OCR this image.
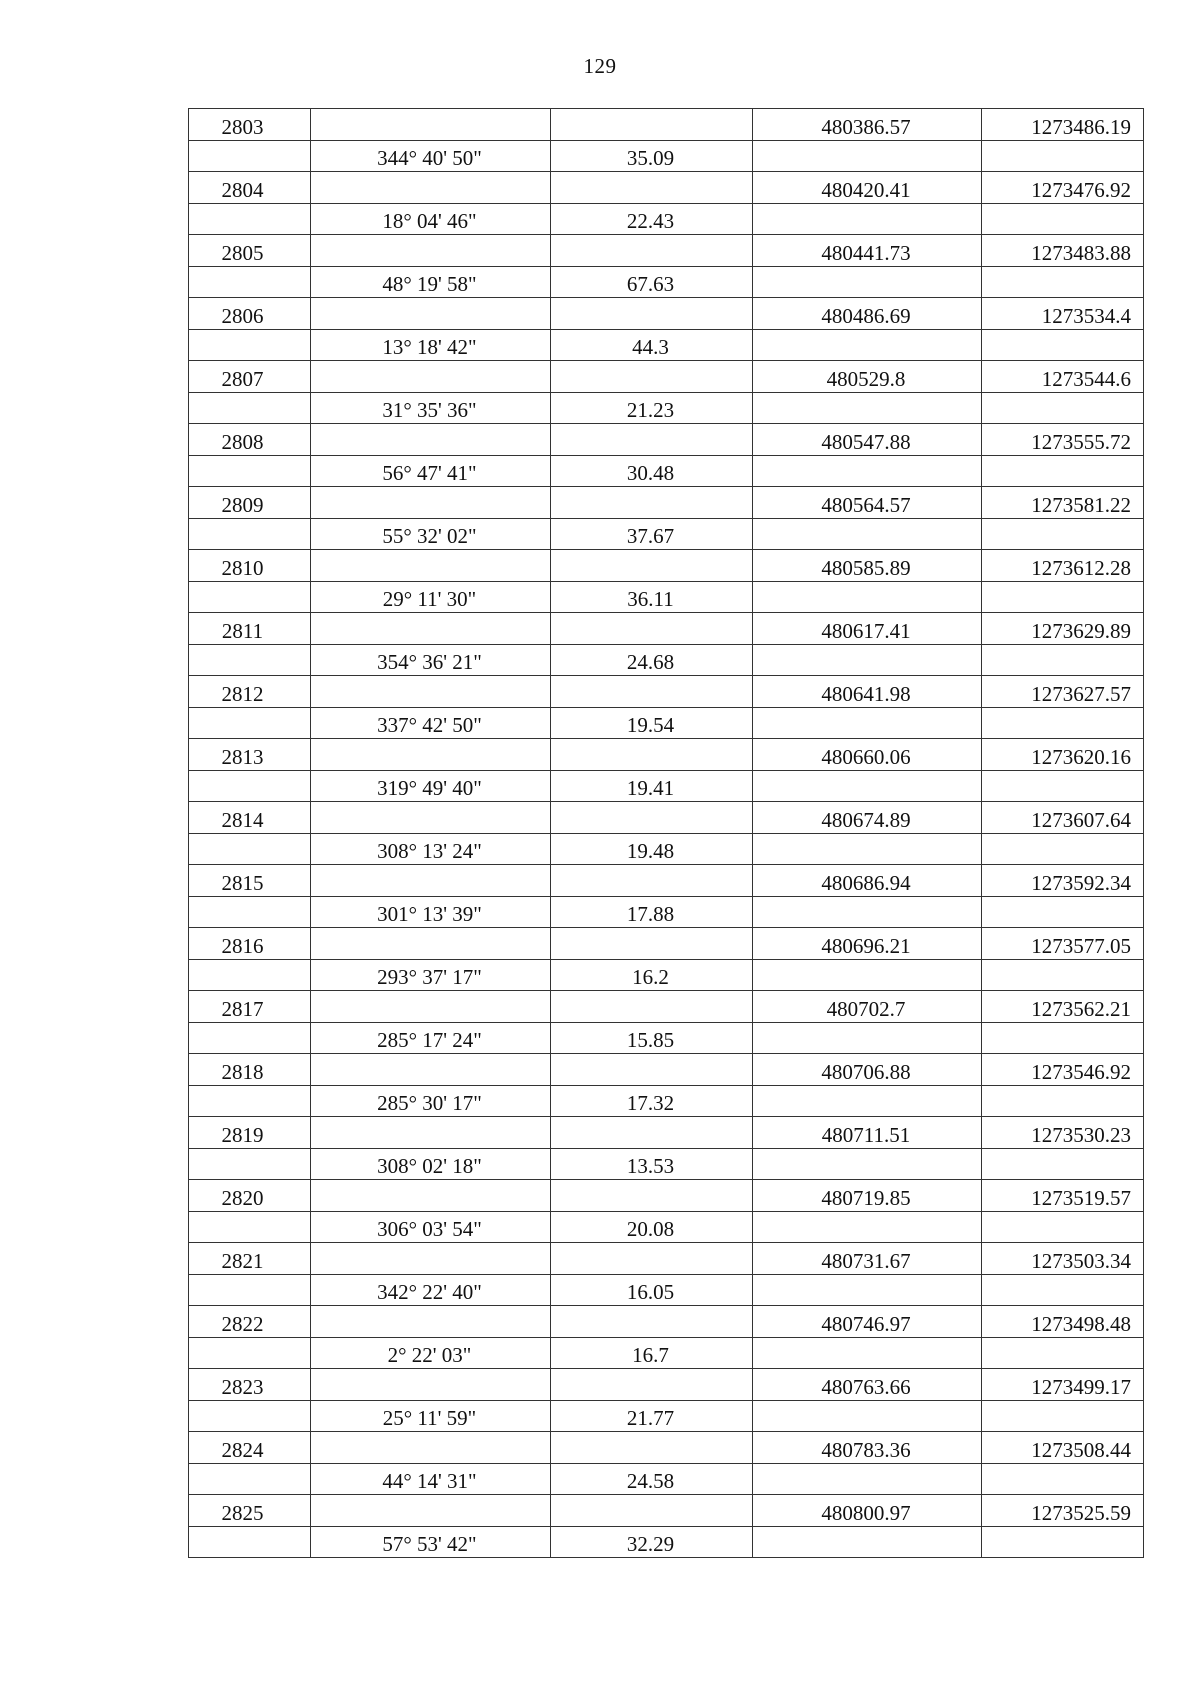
129
2803			480386.57	1273486.19
	344° 40' 50"	35.09		
2804			480420.41	1273476.92
	18° 04' 46"	22.43		
2805			480441.73	1273483.88
	48° 19' 58"	67.63		
2806			480486.69	1273534.4
	13° 18' 42"	44.3		
2807			480529.8	1273544.6
	31° 35' 36"	21.23		
2808			480547.88	1273555.72
	56° 47' 41"	30.48		
2809			480564.57	1273581.22
	55° 32' 02"	37.67		
2810			480585.89	1273612.28
	29° 11' 30"	36.11		
2811			480617.41	1273629.89
	354° 36' 21"	24.68		
2812			480641.98	1273627.57
	337° 42' 50"	19.54		
2813			480660.06	1273620.16
	319° 49' 40"	19.41		
2814			480674.89	1273607.64
	308° 13' 24"	19.48		
2815			480686.94	1273592.34
	301° 13' 39"	17.88		
2816			480696.21	1273577.05
	293° 37' 17"	16.2		
2817			480702.7	1273562.21
	285° 17' 24"	15.85		
2818			480706.88	1273546.92
	285° 30' 17"	17.32		
2819			480711.51	1273530.23
	308° 02' 18"	13.53		
2820			480719.85	1273519.57
	306° 03' 54"	20.08		
2821			480731.67	1273503.34
	342° 22' 40"	16.05		
2822			480746.97	1273498.48
	2° 22' 03"	16.7		
2823			480763.66	1273499.17
	25° 11' 59"	21.77		
2824			480783.36	1273508.44
	44° 14' 31"	24.58		
2825			480800.97	1273525.59
	57° 53' 42"	32.29		
